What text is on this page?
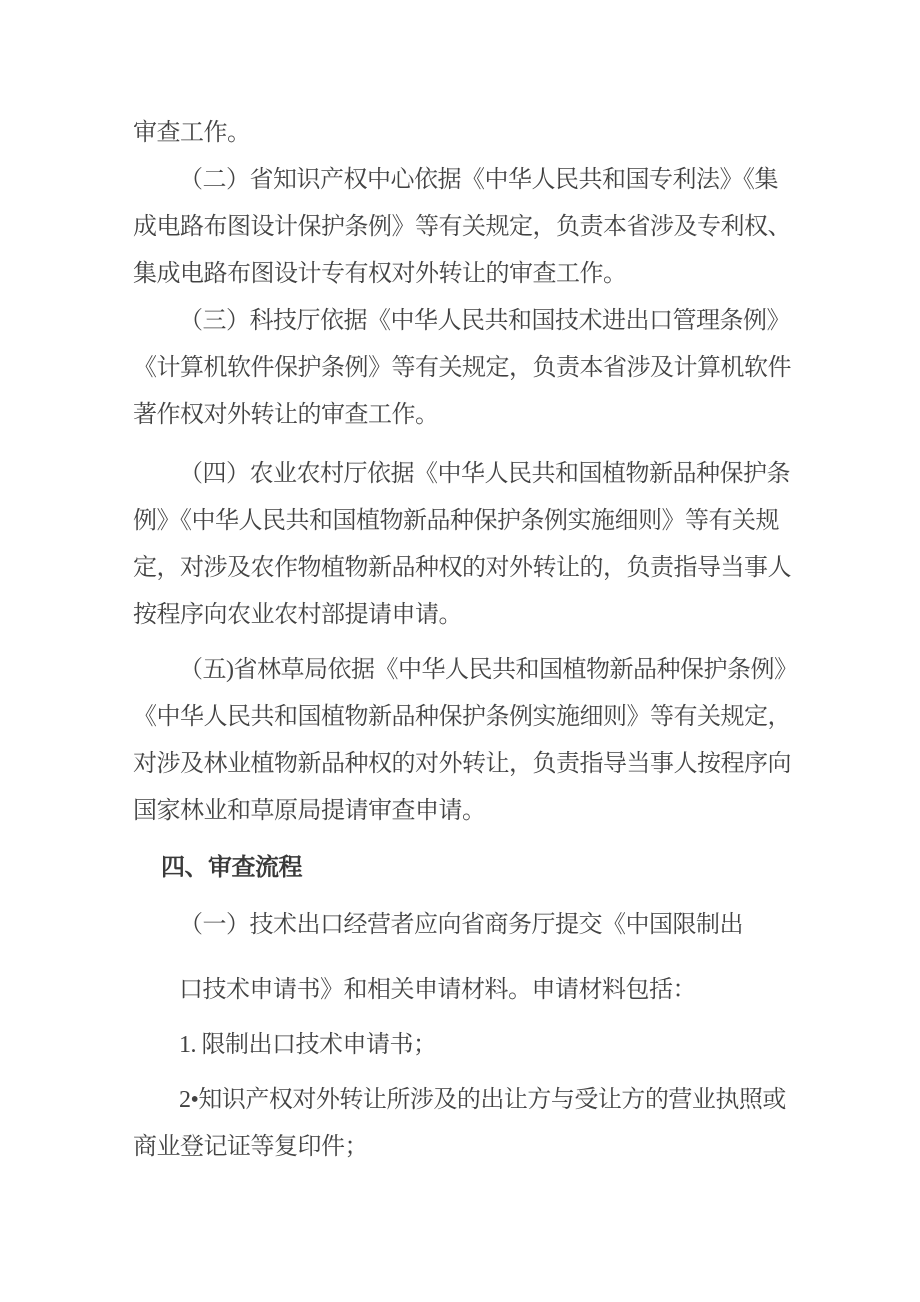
审查工作。
（二）省知识产权中心依据《中华人民共和国专利法》《集
成电路布图设计保护条例》等有关规定，负责本省涉及专利权、
集成电路布图设计专有权对外转让的审查工作。
（三）科技厅依据《中华人民共和国技术进出口管理条例》
《计算机软件保护条例》等有关规定，负责本省涉及计算机软件
著作权对外转让的审查工作。
（四）农业农村厅依据《中华人民共和国植物新品种保护条
例》《中华人民共和国植物新品种保护条例实施细则》等有关规
定，对涉及农作物植物新品种权的对外转让的，负责指导当事人
按程序向农业农村部提请申请。
（五)省林草局依据《中华人民共和国植物新品种保护条例》
《中华人民共和国植物新品种保护条例实施细则》等有关规定，
对涉及林业植物新品种权的对外转让，负责指导当事人按程序向
国家林业和草原局提请审查申请。
四、审查流程
（一）技术出口经营者应向省商务厅提交《中国限制出
口技术申请书》和相关申请材料。申请材料包括：
1. 限制出口技术申请书；
2•知识产权对外转让所涉及的出让方与受让方的营业执照或
商业登记证等复印件；
